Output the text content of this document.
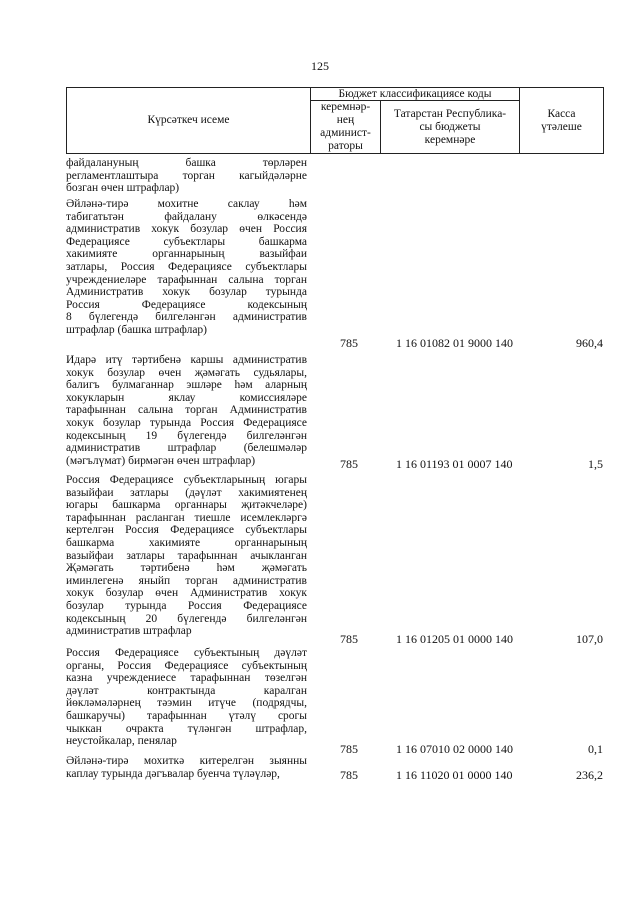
125
Күрсәткеч исеме
Бюджет классификациясе коды
керемнәр-
нең
админист-
раторы
Татарстан Республика-
сы бюджеты
керемнәре
Касса
үтәлеше
файдалануның башка төрләрен
регламентлаштыра торган кагыйдәләрне
бозган өчен штрафлар)
Әйләнә-тирә мохитне саклау һәм
табигатьтән файдалану өлкәсендә
административ хокук бозулар өчен Россия
Федерациясе субъектлары башкарма
хакимияте органнарының вазыйфаи
затлары, Россия Федерациясе субъектлары
учреждениеләре тарафыннан салына торган
Административ хокук бозулар турында
Россия Федерациясе кодексының
8 бүлегендә билгеләнгән административ
штрафлар (башка штрафлар)
785	1 16 01082 01 9000 140	960,4
Идарә итү тәртибенә каршы административ
хокук бозулар өчен җәмәгать судьялары,
балигъ булмаганнар эшләре һәм аларның
хокукларын яклау комиссияләре
тарафыннан салына торган Административ
хокук бозулар турында Россия Федерациясе
кодексының 19 бүлегендә билгеләнгән
административ штрафлар (белешмәләр
(мәгълүмат) бирмәгән өчен штрафлар)	785	1 16 01193 01 0007 140	1,5
Россия Федерациясе субъектларының югары
вазыйфаи затлары (дәүләт хакимиятенең
югары башкарма органнары җитәкчеләре)
тарафыннан расланган тиешле исемлекләргә
кертелгән Россия Федерациясе субъектлары
башкарма хакимияте органнарының
вазыйфаи затлары тарафыннан ачыкланган
Җәмәгать тәртибенә һәм җәмәгать
иминлегенә яныйп торган административ
хокук бозулар өчен Административ хокук
бозулар турында Россия Федерациясе
кодексының 20 бүлегендә билгеләнгән
административ штрафлар
785	1 16 01205 01 0000 140	107,0
Россия Федерациясе субъектының дәүләт
органы, Россия Федерациясе субъектының
казна учреждениесе тарафыннан төзелгән
дәүләт контрактында каралган
йөкләмәләрнең тәэмин итүче (подрядчы,
башкаручы) тарафыннан үтәлү срогы
чыккан очракта түләнгән штрафлар,
неустойкалар, пенялар
785	1 16 07010 02 0000 140	0,1
Әйләнә-тирә мохиткә китерелгән зыянны
каплау турында дәгъвалар буенча түләүләр,	785	1 16 11020 01 0000 140	236,2
